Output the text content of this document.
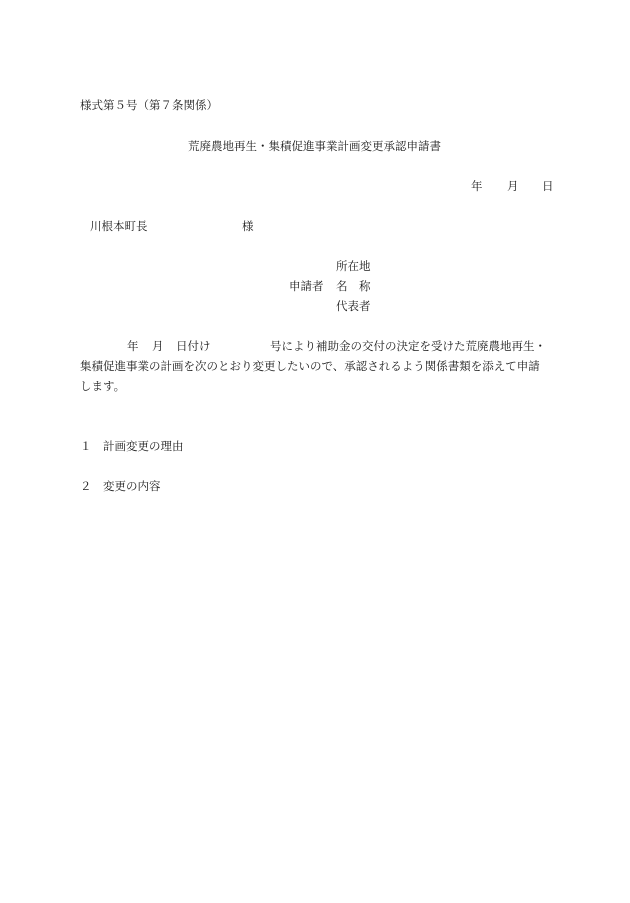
様式第５号（第７条関係）
荒廃農地再生・集積促進事業計画変更承認申請書
年 月 日
川根本町長	様
所在地
申請者 名　称
代表者
年 月 日付け	号により補助金の交付の決定を受けた荒廃農地再生・
集積促進事業の計画を次のとおり変更したいので、承認されるよう関係書類を添えて申請
します。
１ 計画変更の理由
２ 変更の内容
